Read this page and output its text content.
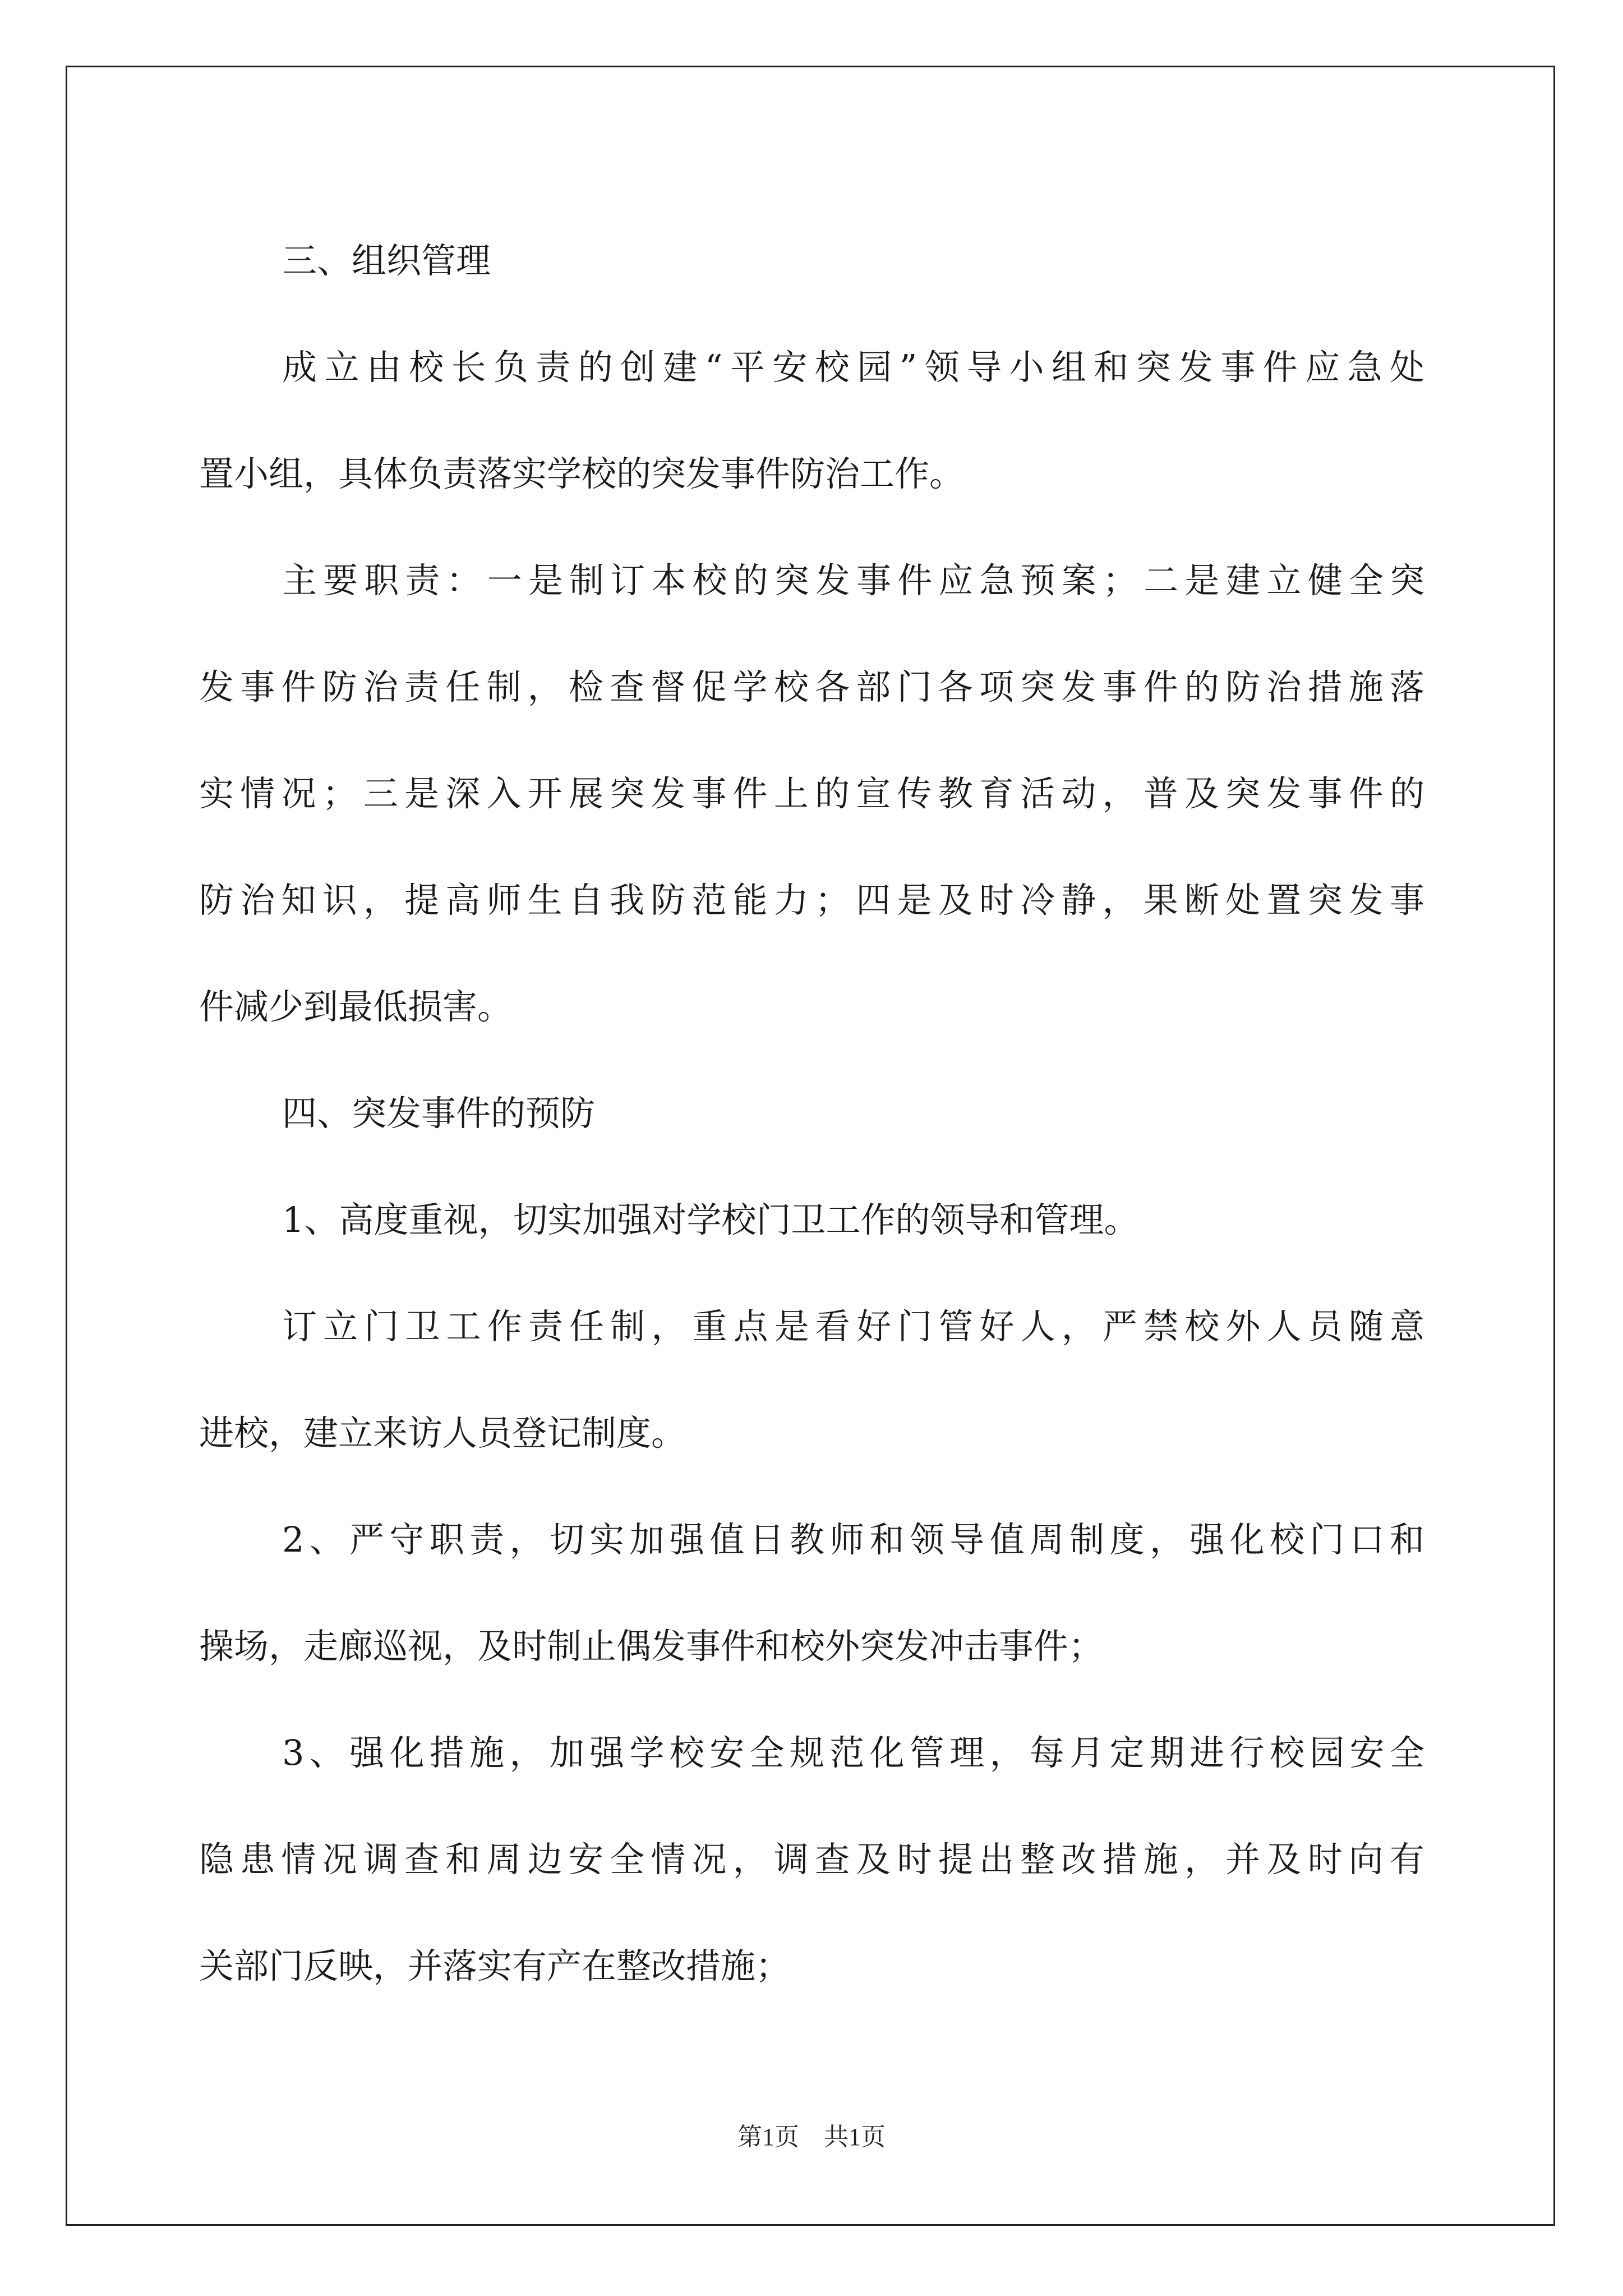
三、组织管理
成立由校长负责的创建“平安校园”领导小组和突发事件应急处
置小组，具体负责落实学校的突发事件防治工作。
主要职责：一是制订本校的突发事件应急预案；二是建立健全突
发事件防治责任制，检查督促学校各部门各项突发事件的防治措施落
实情况；三是深入开展突发事件上的宣传教育活动，普及突发事件的
防治知识，提高师生自我防范能力；四是及时冷静，果断处置突发事
件减少到最低损害。
四、突发事件的预防
1、高度重视，切实加强对学校门卫工作的领导和管理。
订立门卫工作责任制，重点是看好门管好人，严禁校外人员随意
进校，建立来访人员登记制度。
2、严守职责，切实加强值日教师和领导值周制度，强化校门口和
操场，走廊巡视，及时制止偶发事件和校外突发冲击事件；
3、强化措施，加强学校安全规范化管理，每月定期进行校园安全
隐患情况调查和周边安全情况，调查及时提出整改措施，并及时向有
关部门反映，并落实有产在整改措施；
第1页　共1页
